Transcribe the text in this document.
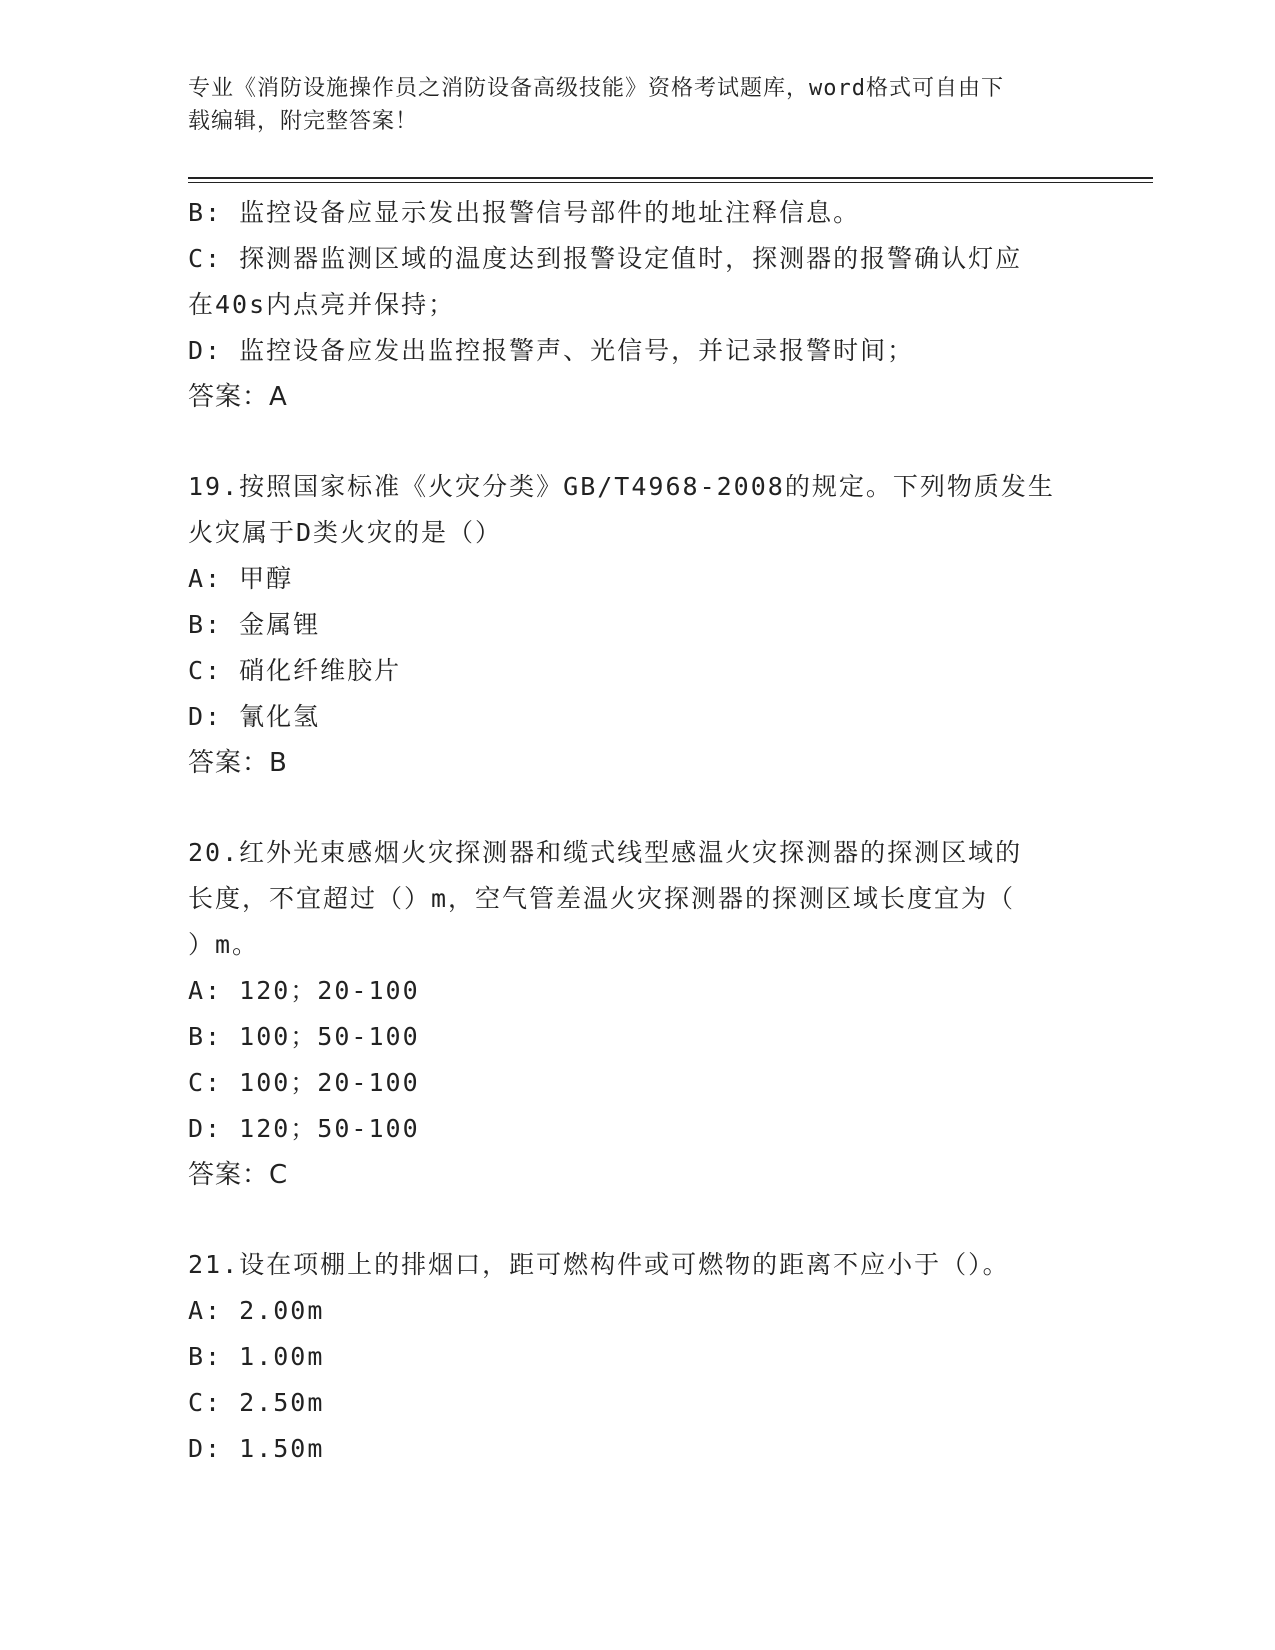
专业《消防设施操作员之消防设备高级技能》资格考试题库，word格式可自由下
载编辑，附完整答案！
B: 监控设备应显示发出报警信号部件的地址注释信息。
C: 探测器监测区域的温度达到报警设定值时，探测器的报警确认灯应
在40s内点亮并保持；
D: 监控设备应发出监控报警声、光信号，并记录报警时间；
答案：A
19.按照国家标准《火灾分类》GB/T4968-2008的规定。下列物质发生
火灾属于D类火灾的是（）
A: 甲醇
B: 金属锂
C: 硝化纤维胶片
D: 氰化氢
答案：B
20.红外光束感烟火灾探测器和缆式线型感温火灾探测器的探测区域的
长度，不宜超过（）m，空气管差温火灾探测器的探测区域长度宜为（
）m。
A: 120；20-100
B: 100；50-100
C: 100；20-100
D: 120；50-100
答案：C
21.设在项棚上的排烟口，距可燃构件或可燃物的距离不应小于（）。
A: 2.00m
B: 1.00m
C: 2.50m
D: 1.50m
